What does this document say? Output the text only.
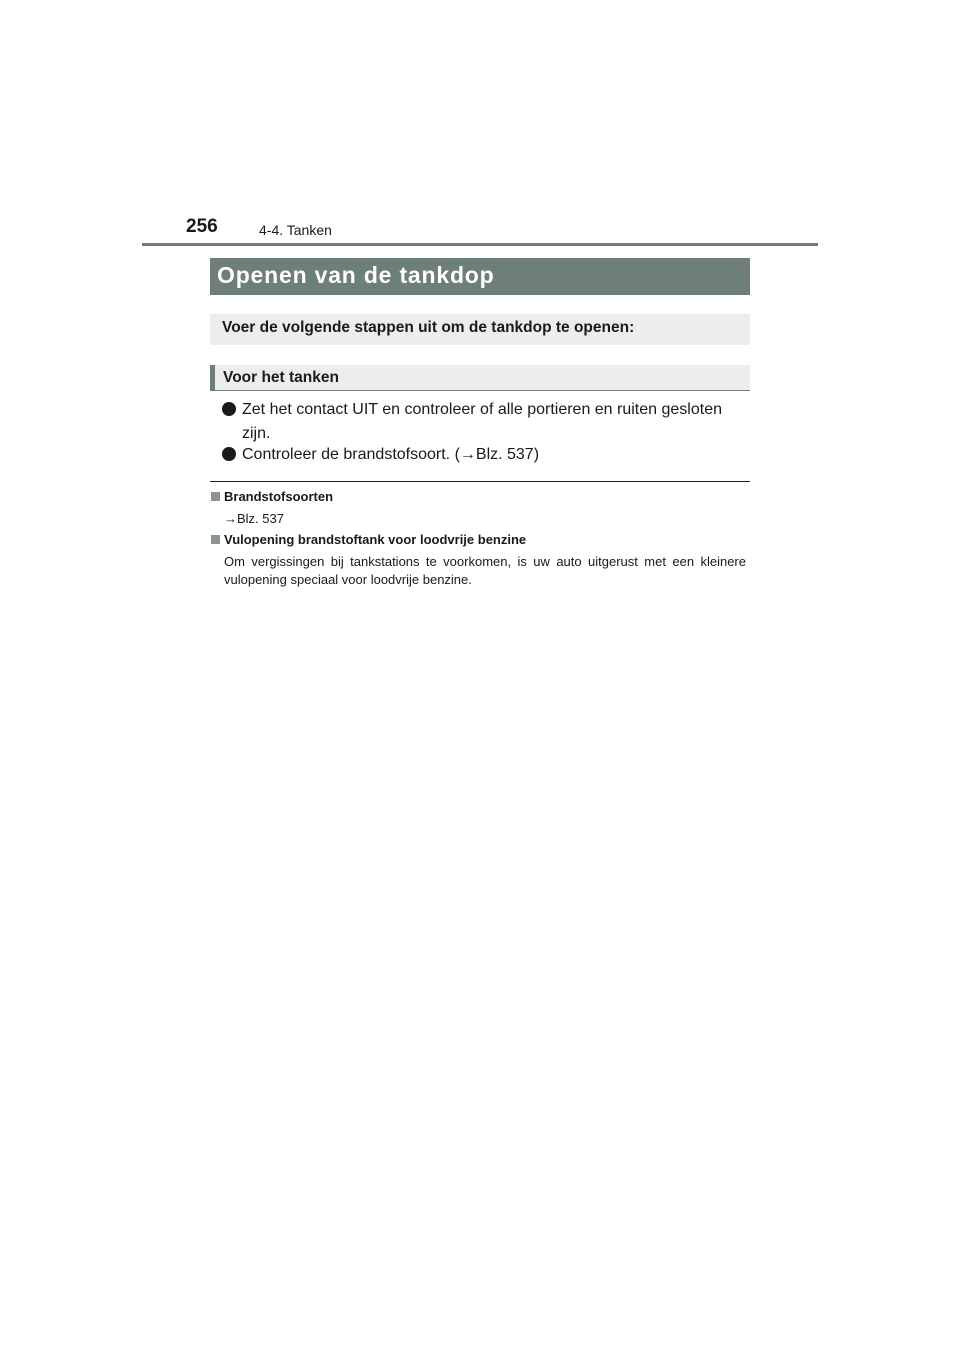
256	4-4. Tanken
Openen van de tankdop
Voer de volgende stappen uit om de tankdop te openen:
Voor het tanken
Zet het contact UIT en controleer of alle portieren en ruiten gesloten zijn.
Controleer de brandstofsoort. (→Blz. 537)
Brandstofsoorten
→Blz. 537
Vulopening brandstoftank voor loodvrije benzine
Om vergissingen bij tankstations te voorkomen, is uw auto uitgerust met een kleinere vulopening speciaal voor loodvrije benzine.
